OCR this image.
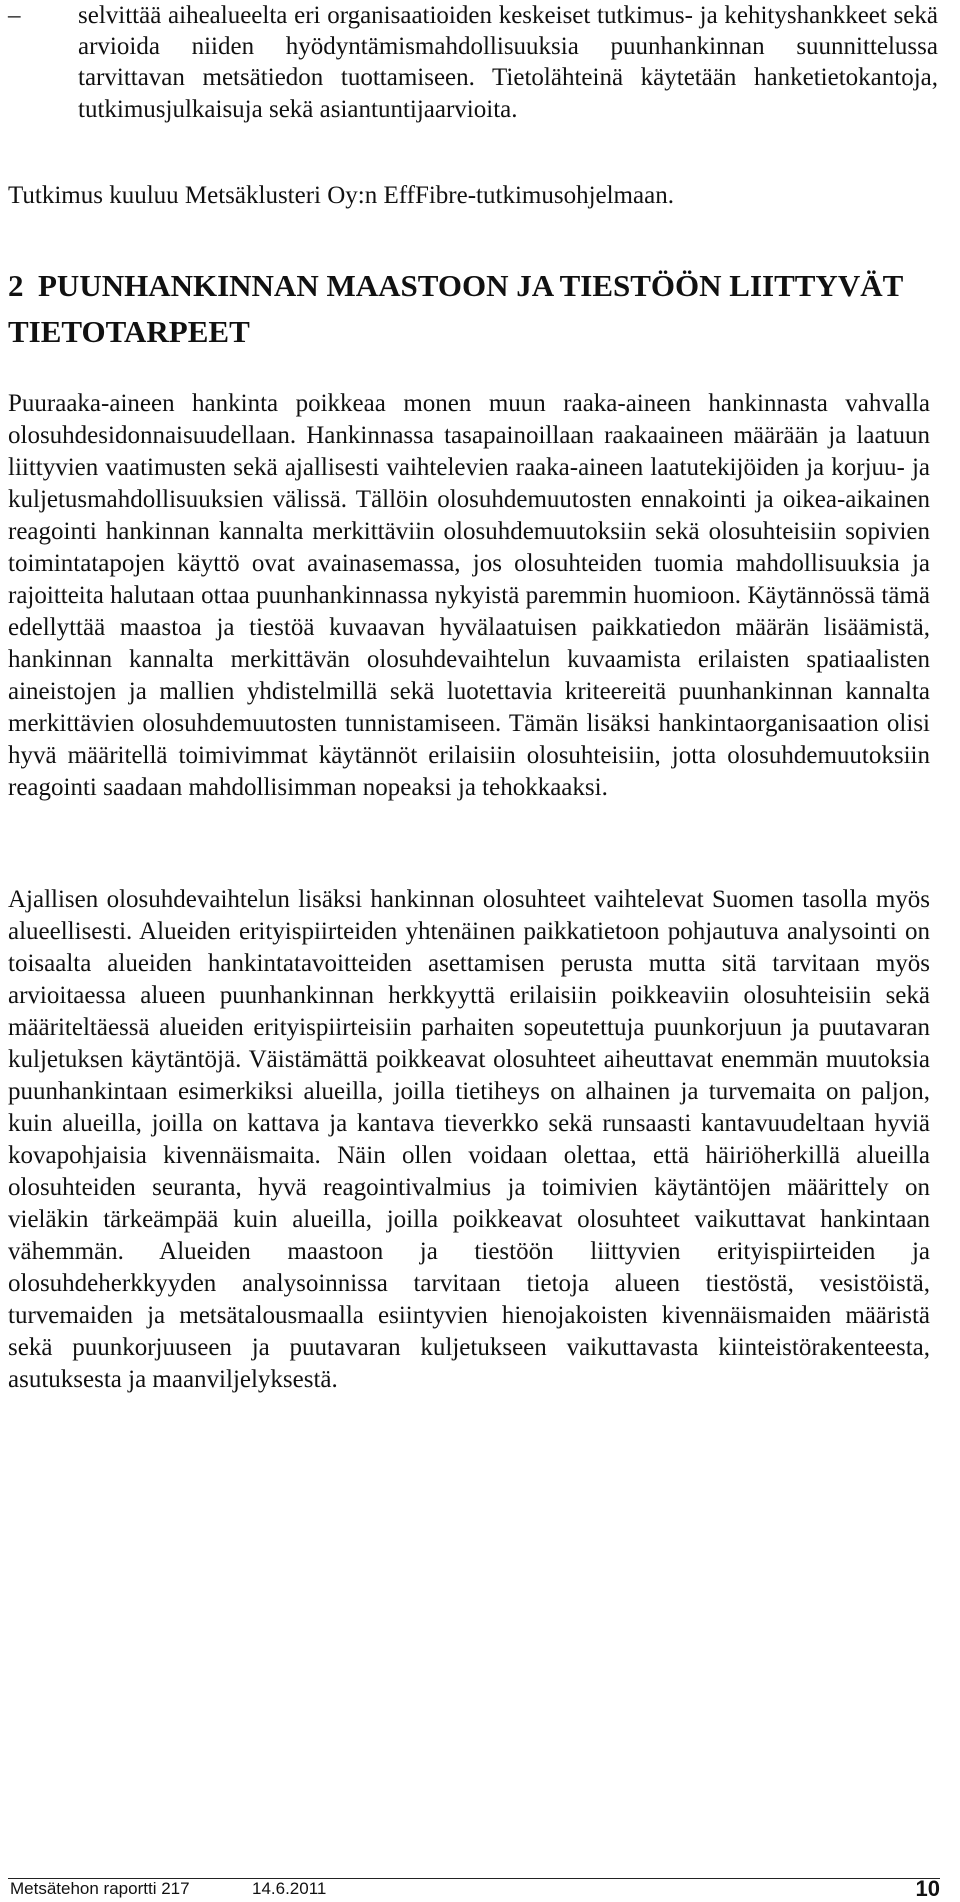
– selvittää aihealueelta eri organisaatioiden keskeiset tutkimus- ja kehityshankkeet sekä arvioida niiden hyödyntämismahdollisuuksia puunhankinnan suunnittelussa tarvittavan metsätiedon tuottamiseen. Tietolähteinä käytetään hanketietokantoja, tutkimusjulkaisuja sekä asiantuntijaarvioita.

Tutkimus kuuluu Metsäklusteri Oy:n EffFibre-tutkimusohjelmaan.

2 PUUNHANKINNAN MAASTOON JA TIESTÖÖN LIITTYVÄT TIETOTARPEET

Puuraaka-aineen hankinta poikkeaa monen muun raaka-aineen hankinnasta vahvalla olosuhdesidonnaisuudellaan. Hankinnassa tasapainoillaan raakaaineen määrään ja laatuun liittyvien vaatimusten sekä ajallisesti vaihtelevien raaka-aineen laatutekijöiden ja korjuu- ja kuljetusmahdollisuuksien välissä. Tällöin olosuhdemuutosten ennakointi ja oikea-aikainen reagointi hankinnan kannalta merkittäviin olosuhdemuutoksiin sekä olosuhteisiin sopivien toimintatapojen käyttö ovat avainasemassa, jos olosuhteiden tuomia mahdollisuuksia ja rajoitteita halutaan ottaa puunhankinnassa nykyistä paremmin huomioon. Käytännössä tämä edellyttää maastoa ja tiestöä kuvaavan hyvälaatuisen paikkatiedon määrän lisäämistä, hankinnan kannalta merkittävän olosuhdevaihtelun kuvaamista erilaisten spatiaalisten aineistojen ja mallien yhdistelmillä sekä luotettavia kriteereitä puunhankinnan kannalta merkittävien olosuhdemuutosten tunnistamiseen. Tämän lisäksi hankintaorganisaation olisi hyvä määritellä toimivimmat käytännöt erilaisiin olosuhteisiin, jotta olosuhdemuutoksiin reagointi saadaan mahdollisimman nopeaksi ja tehokkaaksi.

Ajallisen olosuhdevaihtelun lisäksi hankinnan olosuhteet vaihtelevat Suomen tasolla myös alueellisesti. Alueiden erityispiirteiden yhtenäinen paikkatietoon pohjautuva analysointi on toisaalta alueiden hankintatavoitteiden asettamisen perusta mutta sitä tarvitaan myös arvioitaessa alueen puunhankinnan herkkyyttä erilaisiin poikkeaviin olosuhteisiin sekä määriteltäessä alueiden erityispiirteisiin parhaiten sopeutettuja puunkorjuun ja puutavaran kuljetuksen käytäntöjä. Väistämättä poikkeavat olosuhteet aiheuttavat enemmän muutoksia puunhankintaan esimerkiksi alueilla, joilla tietiheys on alhainen ja turvemaita on paljon, kuin alueilla, joilla on kattava ja kantava tieverkko sekä runsaasti kantavuudeltaan hyviä kovapohjaisia kivennäismaita. Näin ollen voidaan olettaa, että häiriöherkillä alueilla olosuhteiden seuranta, hyvä reagointivalmius ja toimivien käytäntöjen määrittely on vieläkin tärkeämpää kuin alueilla, joilla poikkeavat olosuhteet vaikuttavat hankintaan vähemmän. Alueiden maastoon ja tiestöön liittyvien erityispiirteiden ja olosuhdeherkkyyden analysoinnissa tarvitaan tietoja alueen tiestöstä, vesistöistä, turvemaiden ja metsätalousmaalla esiintyvien hienojakoisten kivennäismaiden määristä sekä puunkorjuuseen ja puutavaran kuljetukseen vaikuttavasta kiinteistörakenteesta, asutuksesta ja maanviljelyksestä.

Metsätehon raportti 217	14.6.2011	10
